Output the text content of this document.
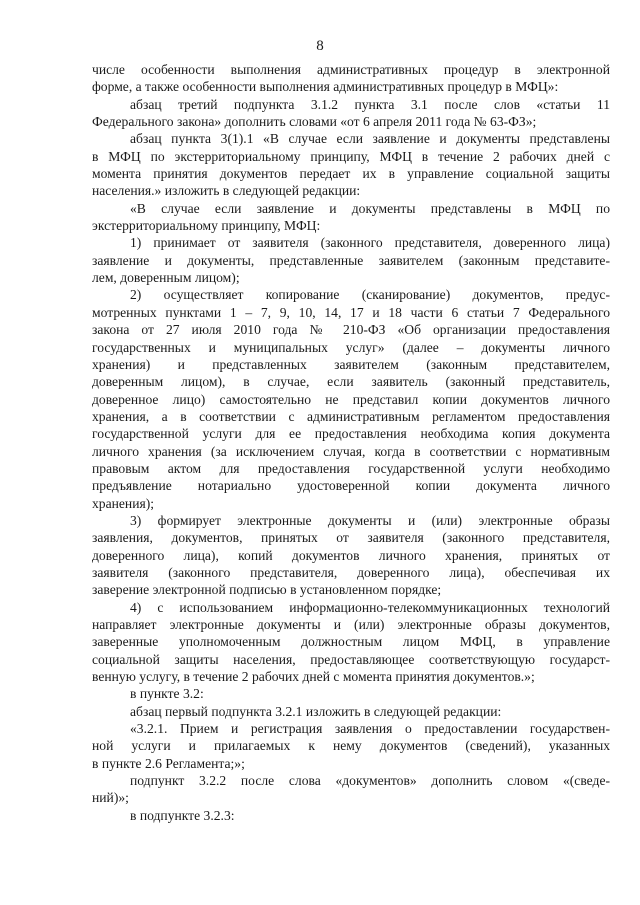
8
числе особенности выполнения административных процедур в электронной
форме, а также особенности выполнения административных процедур в МФЦ»:
абзац третий подпункта 3.1.2 пункта 3.1 после слов «статьи 11
Федерального закона» дополнить словами «от 6 апреля 2011 года № 63-ФЗ»;
абзац пункта 3(1).1 «В случае если заявление и документы представлены
в МФЦ по экстерриториальному принципу, МФЦ в течение 2 рабочих дней с
момента принятия документов передает их в управление социальной защиты
населения.» изложить в следующей редакции:
«В случае если заявление и документы представлены в МФЦ по
экстерриториальному принципу, МФЦ:
1) принимает от заявителя (законного представителя, доверенного лица)
заявление и документы, представленные заявителем (законным представите-
лем, доверенным лицом);
2) осуществляет копирование (сканирование) документов, предус-
мотренных пунктами 1 – 7, 9, 10, 14, 17 и 18 части 6 статьи 7 Федерального
закона от 27 июля 2010 года № 210-ФЗ «Об организации предоставления
государственных и муниципальных услуг» (далее – документы личного
хранения) и представленных заявителем (законным представителем,
доверенным лицом), в случае, если заявитель (законный представитель,
доверенное лицо) самостоятельно не представил копии документов личного
хранения, а в соответствии с административным регламентом предоставления
государственной услуги для ее предоставления необходима копия документа
личного хранения (за исключением случая, когда в соответствии с нормативным
правовым актом для предоставления государственной услуги необходимо
предъявление нотариально удостоверенной копии документа личного
хранения);
3) формирует электронные документы и (или) электронные образы
заявления, документов, принятых от заявителя (законного представителя,
доверенного лица), копий документов личного хранения, принятых от
заявителя (законного представителя, доверенного лица), обеспечивая их
заверение электронной подписью в установленном порядке;
4) с использованием информационно-телекоммуникационных технологий
направляет электронные документы и (или) электронные образы документов,
заверенные уполномоченным должностным лицом МФЦ, в управление
социальной защиты населения, предоставляющее соответствующую государст-
венную услугу, в течение 2 рабочих дней с момента принятия документов.»;
в пункте 3.2:
абзац первый подпункта 3.2.1 изложить в следующей редакции:
«3.2.1. Прием и регистрация заявления о предоставлении государствен-
ной услуги и прилагаемых к нему документов (сведений), указанных
в пункте 2.6 Регламента;»;
подпункт 3.2.2 после слова «документов» дополнить словом «(сведе-
ний)»;
в подпункте 3.2.3:
